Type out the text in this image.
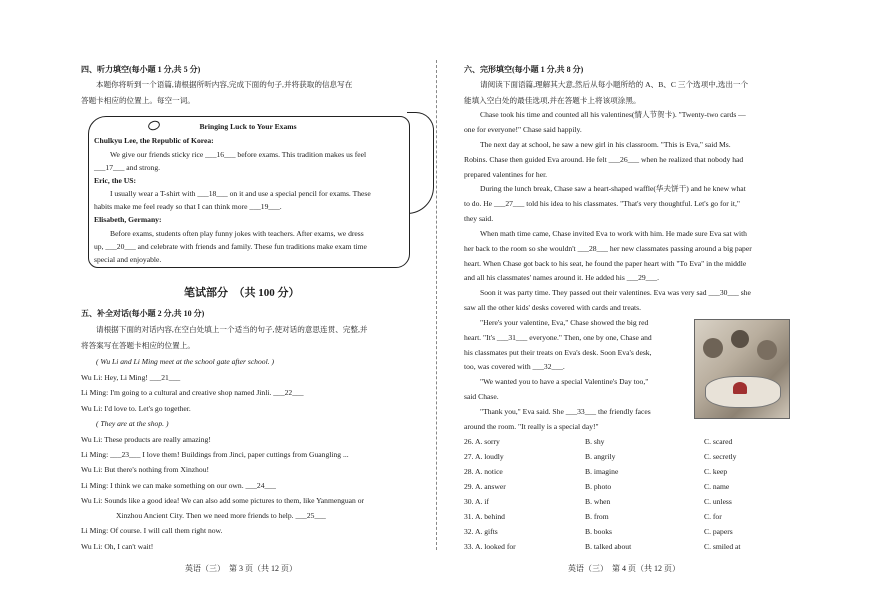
四、听力填空(每小题 1 分,共 5 分)
本题你将听到一个语篇,请根据所听内容,完成下面的句子,并将获取的信息写在
答题卡相应的位置上。每空一词。
Bringing Luck to Your Exams
Chulkyu Lee, the Republic of Korea:
We give our friends sticky rice ___16___ before exams. This tradition makes us feel
___17___ and strong.
Eric, the US:
I usually wear a T-shirt with ___18___ on it and use a special pencil for exams. These
habits make me feel ready so that I can think more ___19___.
Elisabeth, Germany:
Before exams, students often play funny jokes with teachers. After exams, we dress
up, ___20___ and celebrate with friends and family. These fun traditions make exam time
special and enjoyable.
笔试部分　（共 100 分）
五、补全对话(每小题 2 分,共 10 分)
请根据下面的对话内容,在空白处填上一个适当的句子,使对话的意思连贯、完整,并
将答案写在答题卡相应的位置上。
( Wu Li and Li Ming meet at the school gate after school. )
Wu Li: Hey, Li Ming! ___21___
Li Ming: I'm going to a cultural and creative shop named Jinli. ___22___
Wu Li: I'd love to. Let's go together.
( They are at the shop. )
Wu Li: These products are really amazing!
Li Ming: ___23___ I love them! Buildings from Jinci, paper cuttings from Guangling ...
Wu Li: But there's nothing from Xinzhou!
Li Ming: I think we can make something on our own. ___24___
Wu Li: Sounds like a good idea! We can also add some pictures to them, like Yanmenguan or
Xinzhou Ancient City. Then we need more friends to help. ___25___
Li Ming: Of course. I will call them right now.
Wu Li: Oh, I can't wait!
英语（三）　第 3 页（共 12 页）
六、完形填空(每小题 1 分,共 8 分)
请阅读下面语篇,理解其大意,然后从每小题所给的 A、B、C 三个选项中,选出一个
能填入空白处的最佳选项,并在答题卡上将该项涂黑。
Chase took his time and counted all his valentines(情人节贺卡). "Twenty-two cards —
one for everyone!" Chase said happily.
The next day at school, he saw a new girl in his classroom. "This is Eva," said Ms.
Robins. Chase then guided Eva around. He felt ___26___ when he realized that nobody had
prepared valentines for her.
During the lunch break, Chase saw a heart-shaped waffle(华夫饼干) and he knew what
to do. He ___27___ told his idea to his classmates. "That's very thoughtful. Let's go for it,"
they said.
When math time came, Chase invited Eva to work with him. He made sure Eva sat with
her back to the room so she wouldn't ___28___ her new classmates passing around a big paper
heart. When Chase got back to his seat, he found the paper heart with "To Eva" in the middle
and all his classmates' names around it. He added his ___29___.
Soon it was party time. They passed out their valentines. Eva was very sad ___30___ she
saw all the other kids' desks covered with cards and treats.
"Here's your valentine, Eva," Chase showed the big red
heart. "It's ___31___ everyone." Then, one by one, Chase and
his classmates put their treats on Eva's desk. Soon Eva's desk,
too, was covered with ___32___.
"We wanted you to have a special Valentine's Day too,"
said Chase.
"Thank you," Eva said. She ___33___ the friendly faces
around the room. "It really is a special day!"
26. A. sorry	B. shy	C. scared
27. A. loudly	B. angrily	C. secretly
28. A. notice	B. imagine	C. keep
29. A. answer	B. photo	C. name
30. A. if	B. when	C. unless
31. A. behind	B. from	C. for
32. A. gifts	B. books	C. papers
33. A. looked for	B. talked about	C. smiled at
英语（三）　第 4 页（共 12 页）
